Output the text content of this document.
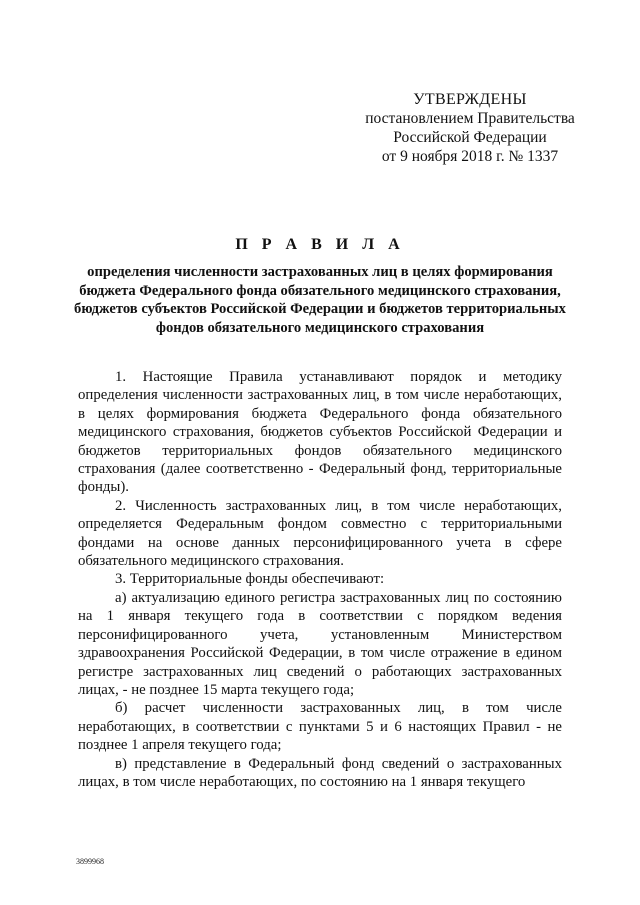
УТВЕРЖДЕНЫ
постановлением Правительства
Российской Федерации
от 9 ноября 2018 г. № 1337
П Р А В И Л А
определения численности застрахованных лиц в целях формирования бюджета Федерального фонда обязательного медицинского страхования, бюджетов субъектов Российской Федерации и бюджетов территориальных фондов обязательного медицинского страхования

1. Настоящие Правила устанавливают порядок и методику определения численности застрахованных лиц, в том числе неработающих, в целях формирования бюджета Федерального фонда обязательного медицинского страхования, бюджетов субъектов Российской Федерации и бюджетов территориальных фондов обязательного медицинского страхования (далее соответственно - Федеральный фонд, территориальные фонды).

2. Численность застрахованных лиц, в том числе неработающих, определяется Федеральным фондом совместно с территориальными фондами на основе данных персонифицированного учета в сфере обязательного медицинского страхования.

3. Территориальные фонды обеспечивают:

а) актуализацию единого регистра застрахованных лиц по состоянию на 1 января текущего года в соответствии с порядком ведения персонифицированного учета, установленным Министерством здравоохранения Российской Федерации, в том числе отражение в едином регистре застрахованных лиц сведений о работающих застрахованных лицах, - не позднее 15 марта текущего года;

б) расчет численности застрахованных лиц, в том числе неработающих, в соответствии с пунктами 5 и 6 настоящих Правил - не позднее 1 апреля текущего года;

в) представление в Федеральный фонд сведений о застрахованных лицах, в том числе неработающих, по состоянию на 1 января текущего

3899968
